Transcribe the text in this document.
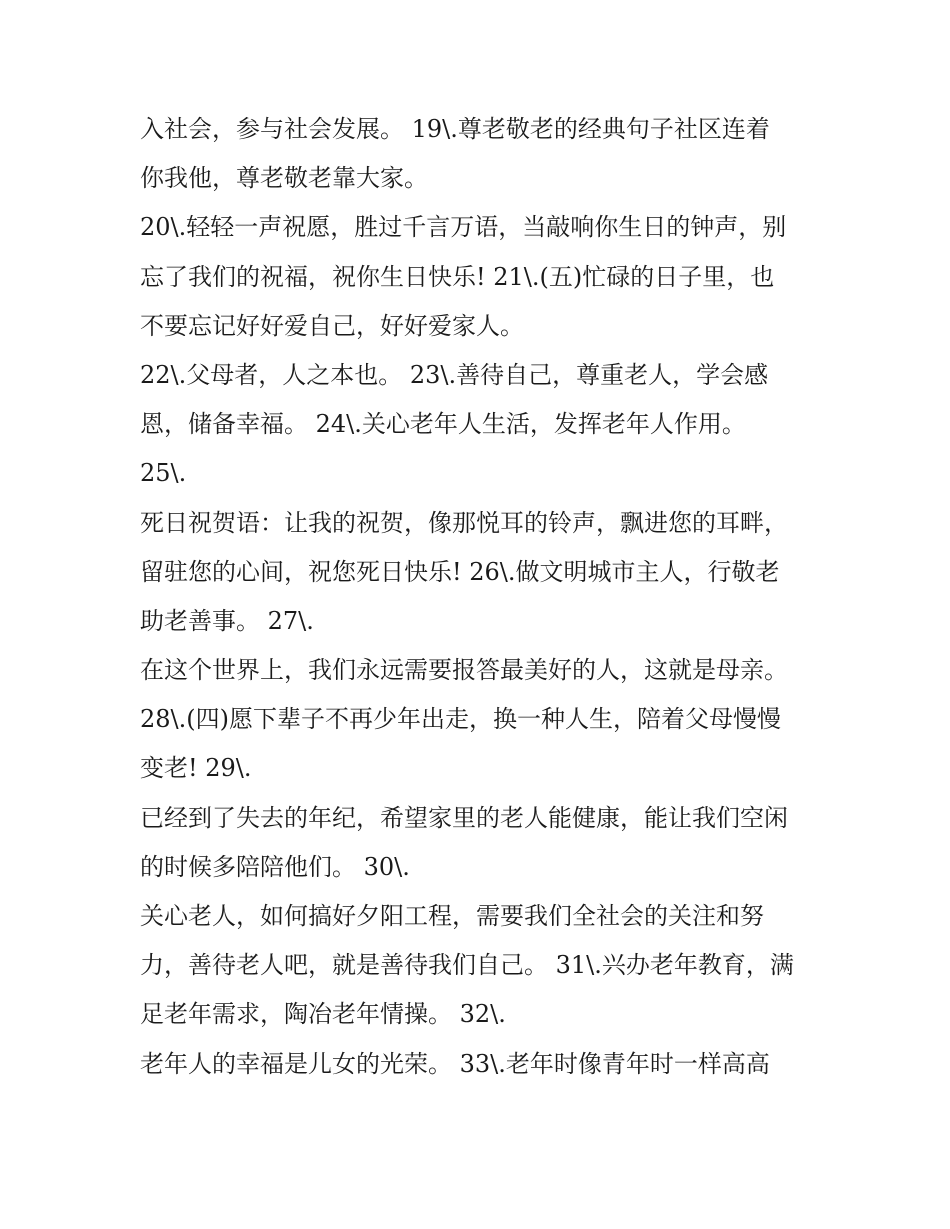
入社会，参与社会发展。 19\.尊老敬老的经典句子社区连着
你我他，尊老敬老靠大家。
20\.轻轻一声祝愿，胜过千言万语，当敲响你生日的钟声，别
忘了我们的祝福，祝你生日快乐! 21\.(五)忙碌的日子里，也
不要忘记好好爱自己，好好爱家人。
22\.父母者，人之本也。 23\.善待自己，尊重老人，学会感
恩，储备幸福。 24\.关心老年人生活，发挥老年人作用。
25\.
死日祝贺语：让我的祝贺，像那悦耳的铃声，飘进您的耳畔，
留驻您的心间，祝您死日快乐! 26\.做文明城市主人，行敬老
助老善事。 27\.
在这个世界上，我们永远需要报答最美好的人，这就是母亲。
28\.(四)愿下辈子不再少年出走，换一种人生，陪着父母慢慢
变老! 29\.
已经到了失去的年纪，希望家里的老人能健康，能让我们空闲
的时候多陪陪他们。 30\.
关心老人，如何搞好夕阳工程，需要我们全社会的关注和努
力，善待老人吧，就是善待我们自己。 31\.兴办老年教育，满
足老年需求，陶冶老年情操。 32\.
老年人的幸福是儿女的光荣。 33\.老年时像青年时一样高高
